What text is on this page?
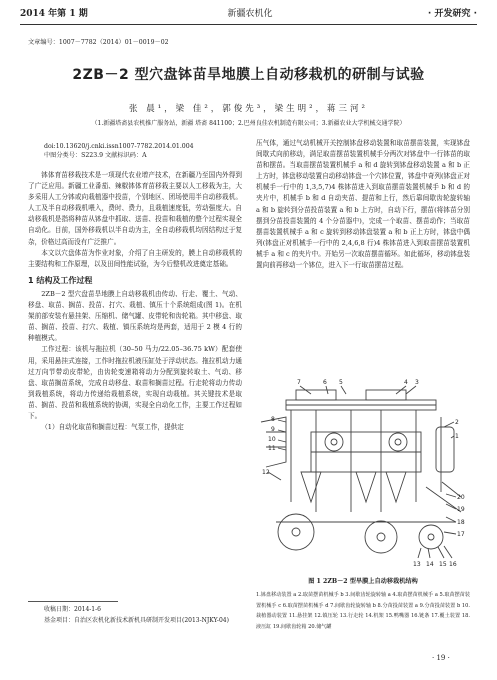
2014 年第 1 期	新疆农机化	· 开发研究 ·
文章编号：1007－7782（2014）01－0019－02
2ZB－2 型穴盘钵苗旱地膜上自动移栽机的研制与试验
张 晨¹，梁 佳²，郭俊先³，梁生明²，蒋三河²
（1.新疆塔斋县农机推广服务站，新疆 塔斋 841100；2.巴州良佳农机制造有限公司；3.新疆农业大学机械交通学院）
doi:10.13620/j.cnki.issn1007-7782.2014.01.004
中图分类号：S223.9 文献标识码：A

钵体育苗移栽技术是一项现代农业增产技术，在新疆乃至国内外得到了广泛应用。新疆工业番茄、辣椒钵体育苗移栽主要以人工移栽为主，大多采用人工分钵或向栽植器中投苗，个别地区、团场使用半自动移栽机。人工及半自动移栽机喂入，费时、费力，且栽植速度低，劳动强度大。自动移栽机是指将种苗从钵盘中抓取、送苗、投苗和栽植的整个过程实现全自动化。目前，国外移栽机以半自动为主，全自动移栽机均因结构过于复杂，价格过高而没有广泛推广。

本文以穴盘体苗为作业对象，介绍了自主研发的，膜上自动移栽机的主要结构和工作原理，以及田间性能试验，为今后整机改进奠定基础。

1 结构及工作过程

2ZB－2 型穴盘苗旱地膜上自动移栽机由传动、行走、覆土、气动、移盘、取苗、搁苗、投苗、打穴、栽植、镇压十个系统组成(图 1)。在机架前部安装有悬挂架、压缩机、储气罐、皮带轮和齿轮箱。其中移盘、取苗、搁苗、投苗、打穴、栽植、镇压系统均是两套，适用于 2 模 4 行的种植模式。

工作过程：该机与拖拉机（30–50 马力/22.05–36.75 kW）配套使用，采用悬挂式连接，工作时拖拉机液压缸处于浮动状态。拖拉机动力通过万向节带动皮带轮，由齿轮变速箱将动力分配到旋转取土、气动、移盘、取苗搁苗系统，完成自动移盘、取苗和搁苗过程。行走轮将动力传动到栽植系统，将动力传递给栽植系统，实现自动栽植。其关键技术是取苗、搁苗、投苗和栽植系统的协调，实现全自动化工作，主要工作过程如下。

（1）自动化取苗和搁苗过程：气泵工作，提供定

收稿日期：2014-1-6
基金项目：自治区农机化新技术新机具研制开发项目(2013-NJKY-04)

压气体，通过气动机械开关控制钵盘移动装置和取苗摆苗装置，实现钵盘间歇式向前移动，满足取苗摆苗装置机械手分两次对钵盘中一行钵苗的取苗和摆苗。当取苗摆苗装置机械手 a 和 d 旋转到钵盘移动装置 a 和 b 正上方时，钵盘移动装置自动移动钵盘一个穴钵位置，钵盘中奇列(钵盘正对机械手一行中的 1,3,5,7)4 株钵苗进入到取苗摆苗装置机械手 b 和 d 的夹片中，机械手 b 和 d 自动夹苗、提苗和上行，然后靠间歇齿轮旋转轴 a 和 b 旋转到分苗投苗装置 a 和 b 上方时，自动下行，摆苗(将钵苗分别摆到分苗投苗装置的 4 个分苗器中)，完成一个取苗、摆苗动作；当取苗摆苗装置机械手 a 和 c 旋转到移动钵盘装置 a 和 b 正上方时，钵盘中偶列(钵盘正对机械手一行中的 2,4,6,8 行)4 株钵苗进入到取苗摆苗装置机械手 a 和 c 的夹片中。开始另一次取苗摆苗循环。如此循环，移动钵盘装置向前再移动一个钵位，进入下一行取苗摆苗过程。

7	6 5	4 3
8
9
10
11
2
1
12
20
19
18
17
13 14 15 16
图 1 2ZB－2 型旱膜上自动移栽机结构
1.钵盘移动装置 a 2.取苗摆苗机械手 b 3.间歇齿轮旋转轴 a 4.取苗摆苗机械手 a 5.取苗摆苗装置机械手 c 6.取苗摆苗机械手 d 7.间歇齿轮旋转轴 b 8.分苗投苗装置 a 9.分苗投苗装置 b 10.栽植器动装置 11.悬挂架 12.镇压轮 13.行走轮 14.机架 15.鸭嘴器 16.链条 17.覆土装置 18.液压缸 19.间歇齿轮箱 20.储气罐
· 19 ·
